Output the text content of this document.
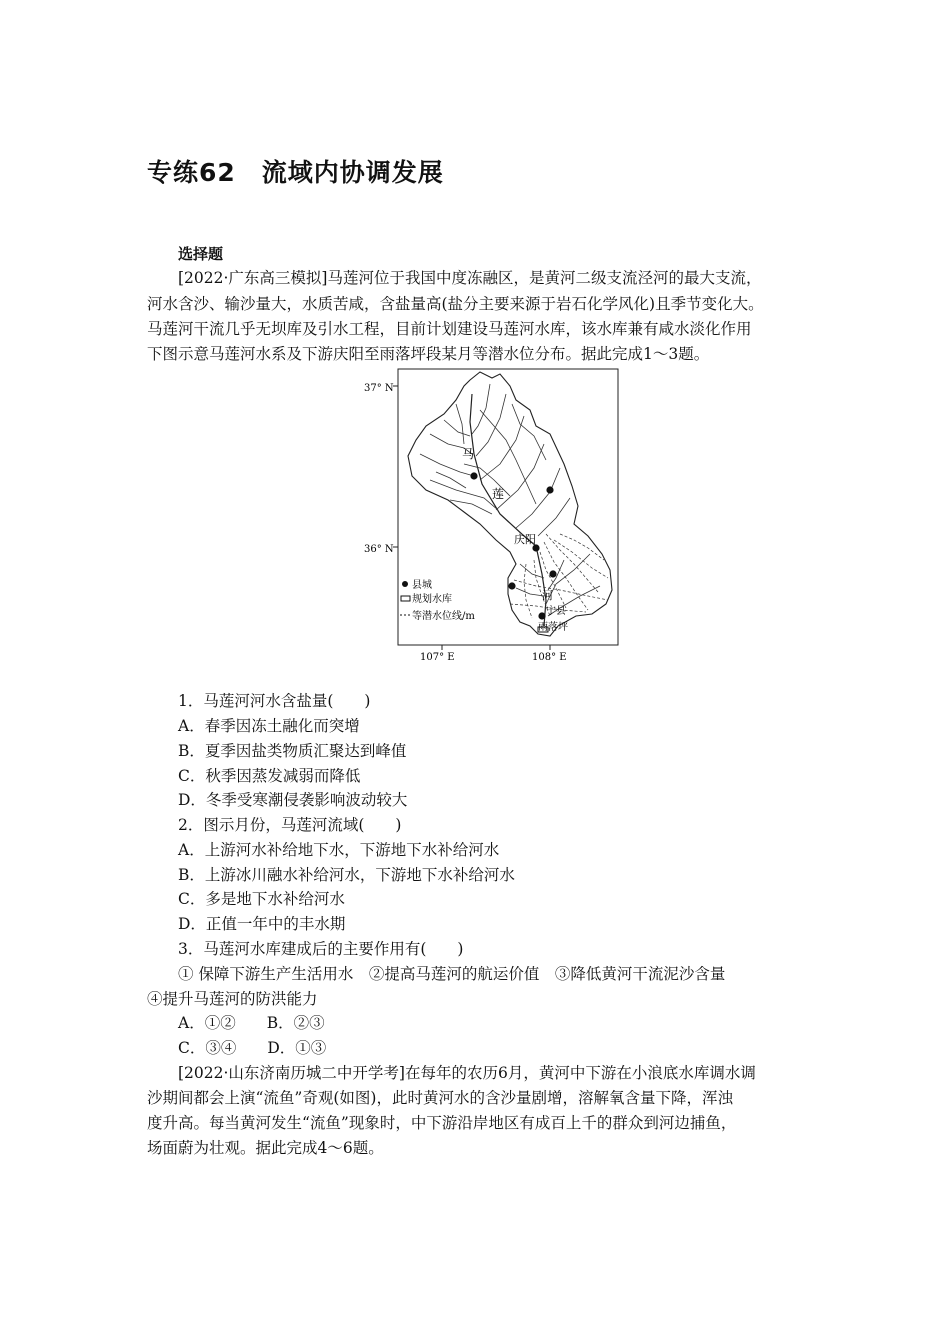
专练62　流域内协调发展
选择题
[2022·广东高三模拟]马莲河位于我国中度冻融区，是黄河二级支流泾河的最大支流，
河水含沙、输沙量大，水质苦咸，含盐量高(盐分主要来源于岩石化学风化)且季节变化大。
马莲河干流几乎无坝库及引水工程，目前计划建设马莲河水库，该水库兼有咸水淡化作用
下图示意马莲河水系及下游庆阳至雨落坪段某月等潜水位分布。据此完成1～3题。
37° N
36° N
107° E	108° E
马
莲
河
庆阳
宁县
雨落坪
县城
规划水库
等潜水位线/m
1．马莲河河水含盐量(　　)
A．春季因冻土融化而突增
B．夏季因盐类物质汇聚达到峰值
C．秋季因蒸发减弱而降低
D．冬季受寒潮侵袭影响波动较大
2．图示月份，马莲河流域(　　)
A．上游河水补给地下水，下游地下水补给河水
B．上游冰川融水补给河水，下游地下水补给河水
C．多是地下水补给河水
D．正值一年中的丰水期
3．马莲河水库建成后的主要作用有(　　)
① 保障下游生产生活用水　②提高马莲河的航运价值　③降低黄河干流泥沙含量
④提升马莲河的防洪能力
A．①②　　B．②③
C．③④　　D．①③
[2022·山东济南历城二中开学考]在每年的农历6月，黄河中下游在小浪底水库调水调
沙期间都会上演“流鱼”奇观(如图)，此时黄河水的含沙量剧增，溶解氧含量下降，浑浊
度升高。每当黄河发生“流鱼”现象时，中下游沿岸地区有成百上千的群众到河边捕鱼，
场面蔚为壮观。据此完成4～6题。
